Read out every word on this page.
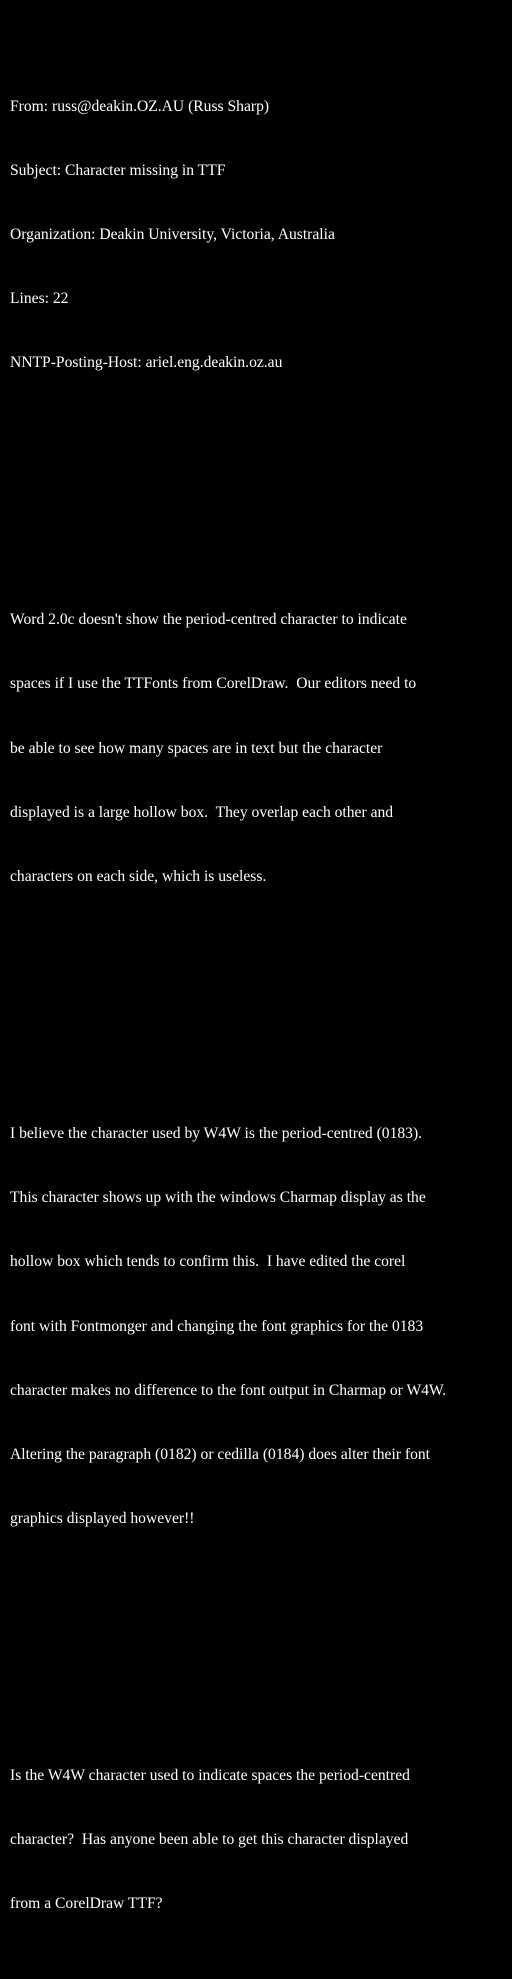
From: russ@deakin.OZ.AU (Russ Sharp)

Subject: Character missing in TTF

Organization: Deakin University, Victoria, Australia

Lines: 22

NNTP-Posting-Host: ariel.eng.deakin.oz.au

Word 2.0c doesn't show the period-centred character to indicate

spaces if I use the TTFonts from CorelDraw.  Our editors need to

be able to see how many spaces are in text but the character

displayed is a large hollow box.  They overlap each other and

characters on each side, which is useless.

I believe the character used by W4W is the period-centred (0183).

This character shows up with the windows Charmap display as the

hollow box which tends to confirm this.  I have edited the corel

font with Fontmonger and changing the font graphics for the 0183

character makes no difference to the font output in Charmap or W4W.

Altering the paragraph (0182) or cedilla (0184) does alter their font

graphics displayed however!!

Is the W4W character used to indicate spaces the period-centred

character?  Has anyone been able to get this character displayed

from a CorelDraw TTF?
